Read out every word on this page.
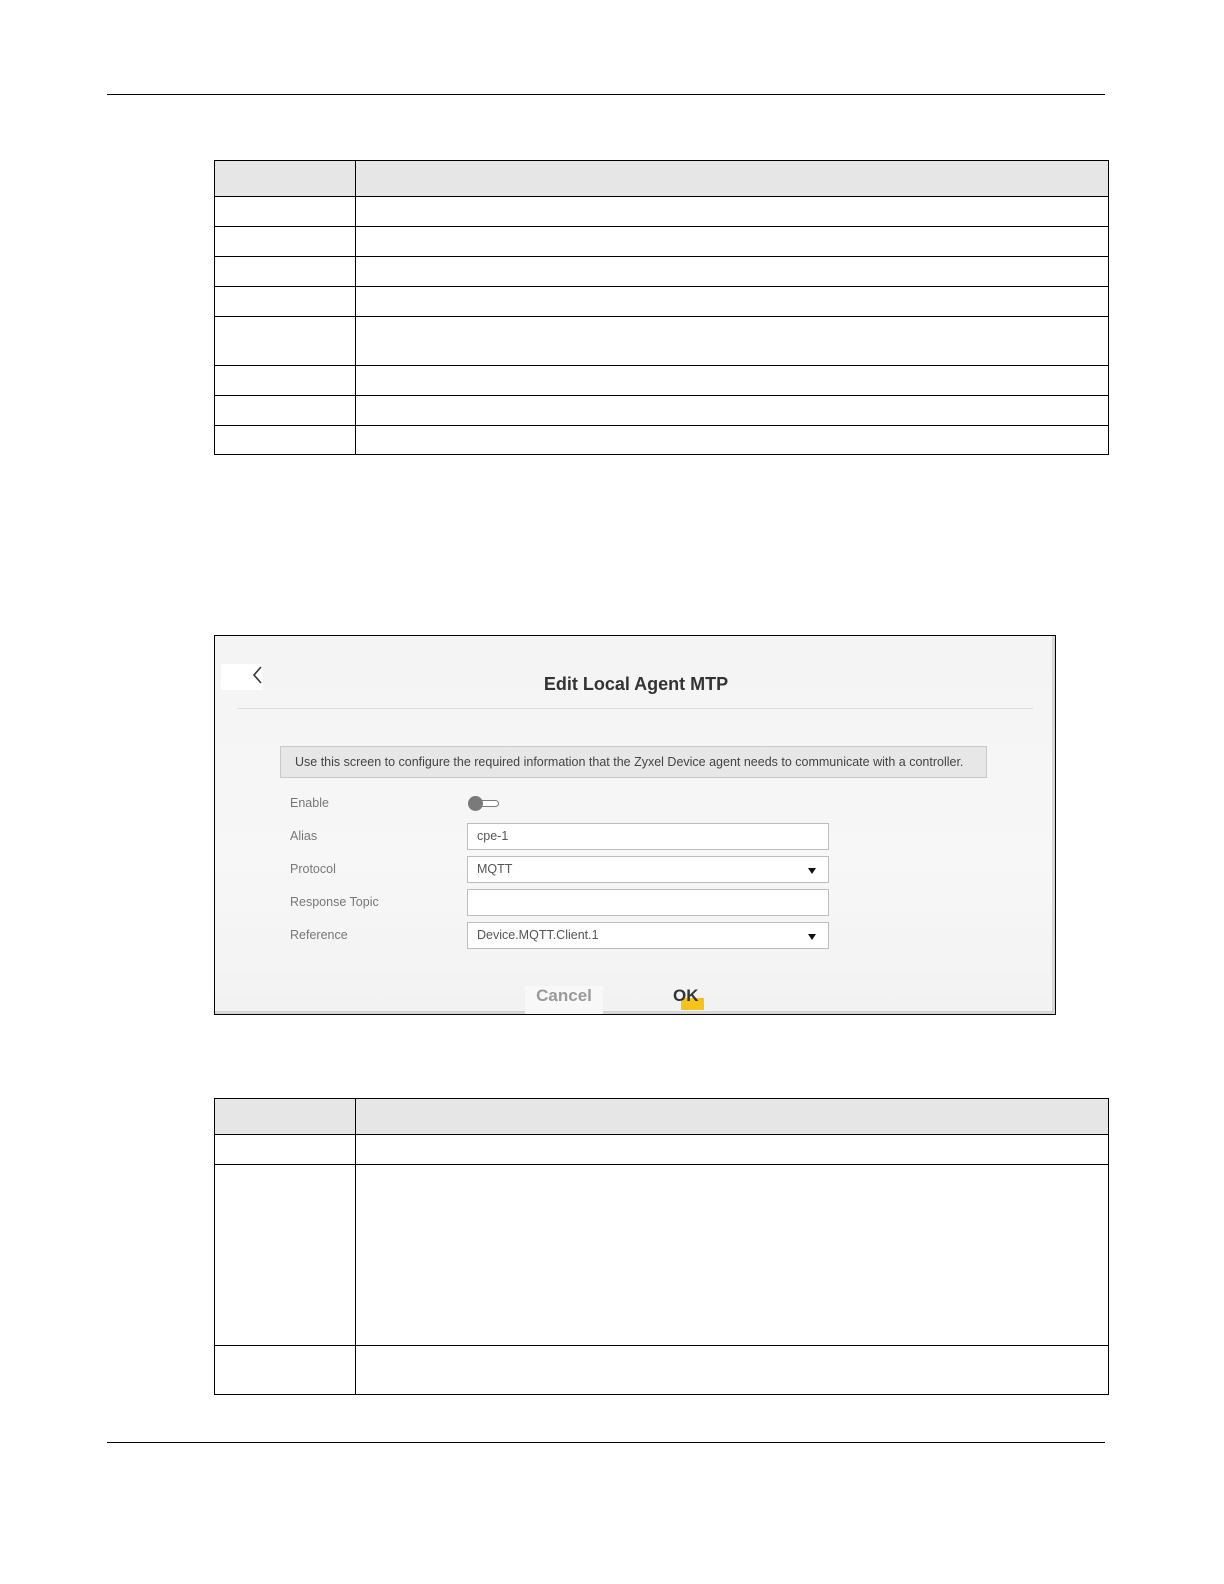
Edit Local Agent MTP
Use this screen to configure the required information that the Zyxel Device agent needs to communicate with a controller.
Enable
Alias	cpe-1
Protocol	MQTT
Response Topic
Reference	Device.MQTT.Client.1
Cancel	OK
